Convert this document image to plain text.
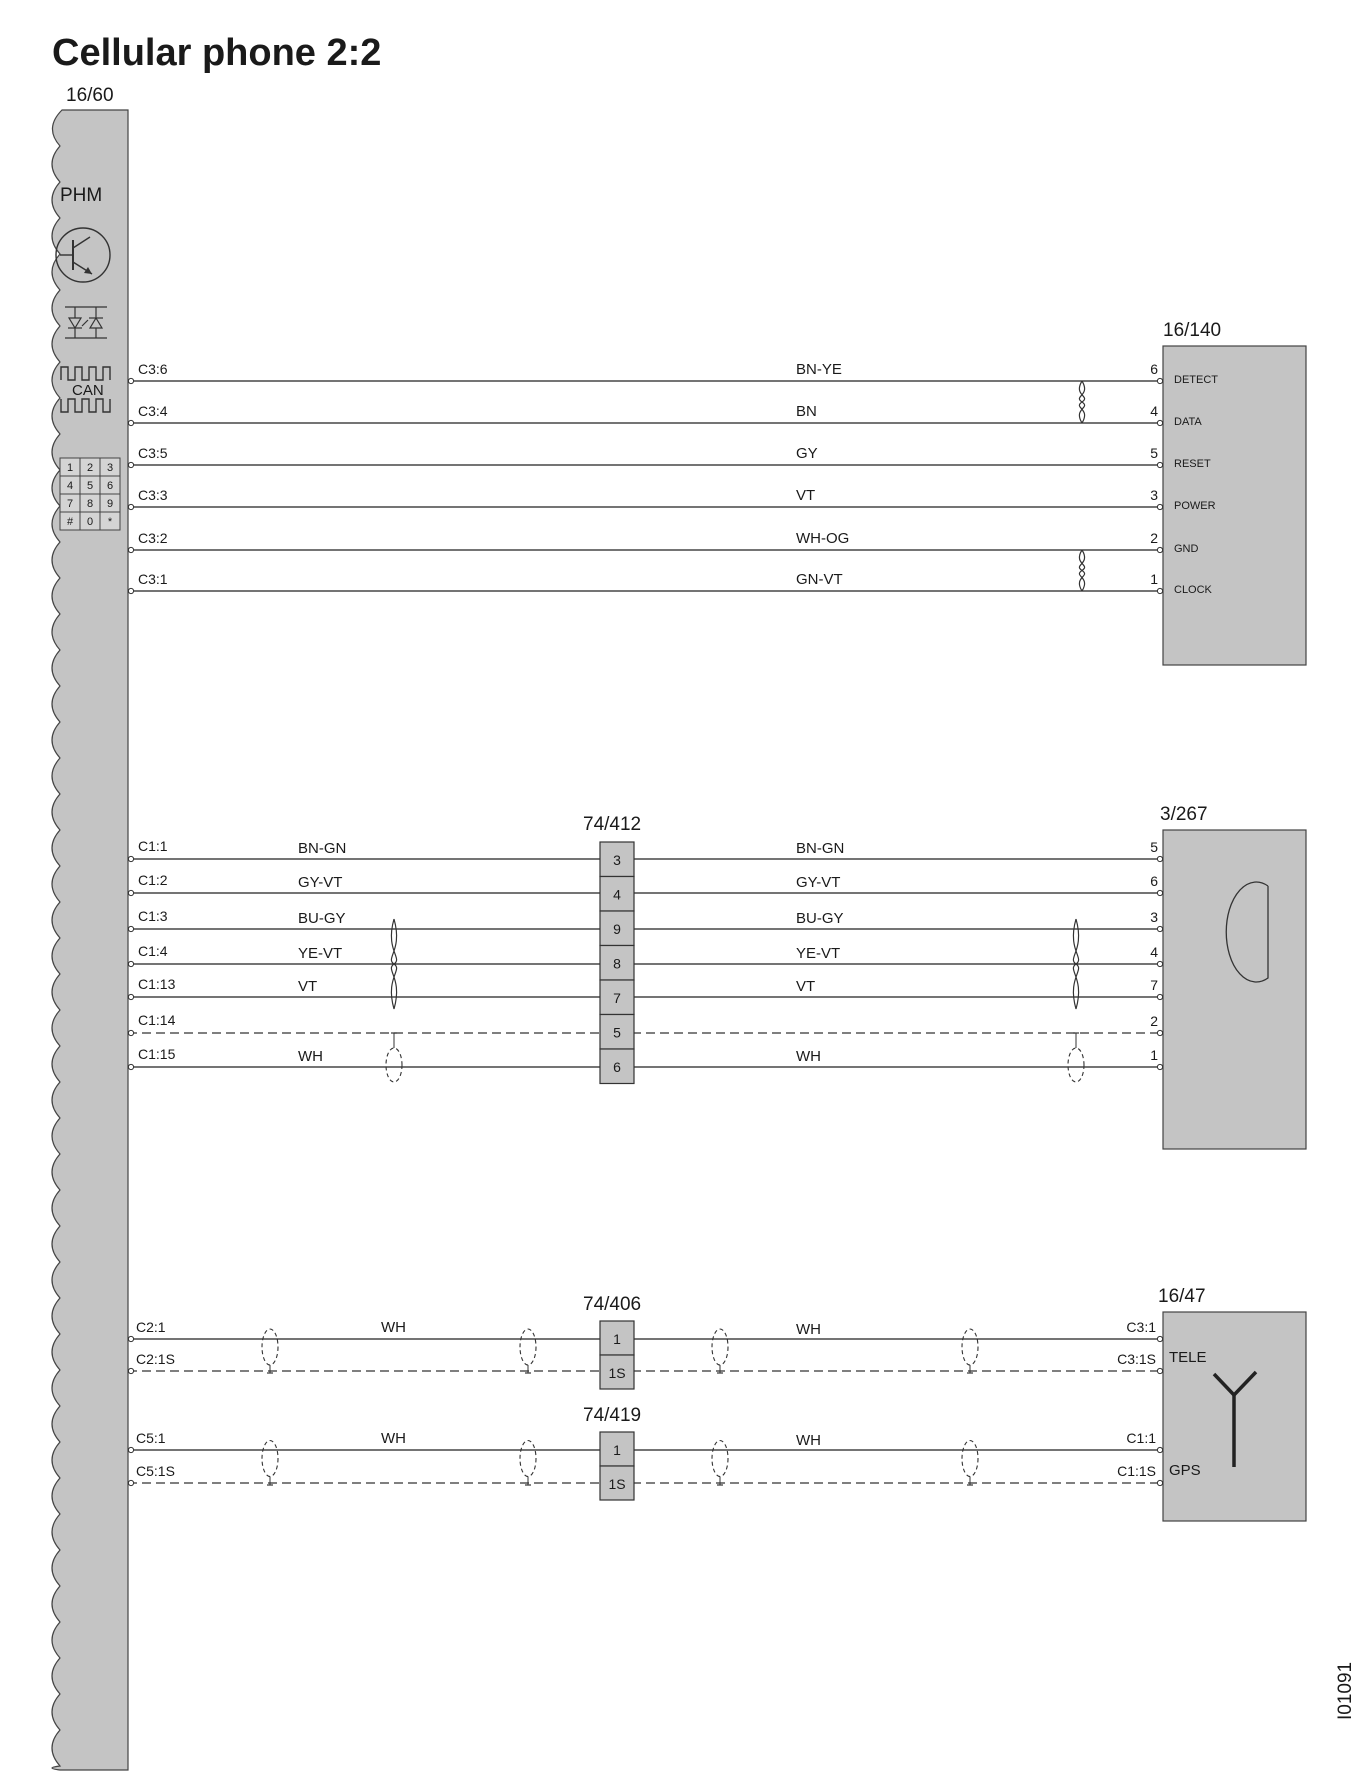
Cellular phone 2:2
16/60
I01091
PHM
CAN
1 2 3
4 5 6
7 8 9
# 0 *
16/140
3/267
16/47
TELE
GPS
C3:6	BN-YE	6
DETECT
C3:4	BN	4
DATA
C3:5	GY	5
RESET
C3:3	VT	3
POWER
C3:2	WH-OG	2
GND
C3:1	GN-VT	1
CLOCK
C1:1	BN-GN	BN-GN	5
C1:2	GY-VT	GY-VT	6
C1:3	BU-GY	BU-GY	3
C1:4	YE-VT	YE-VT	4
C1:13	VT	VT	7
C1:14	2
C1:15	WH	WH	1
C2:1	WH	WH	C3:1
C2:1S	C3:1S
C5:1	WH	WH	C1:1
C5:1S	C1:1S
74/412
3
4
9
8
7
5
6
74/406
1
1S
74/419
1
1S
